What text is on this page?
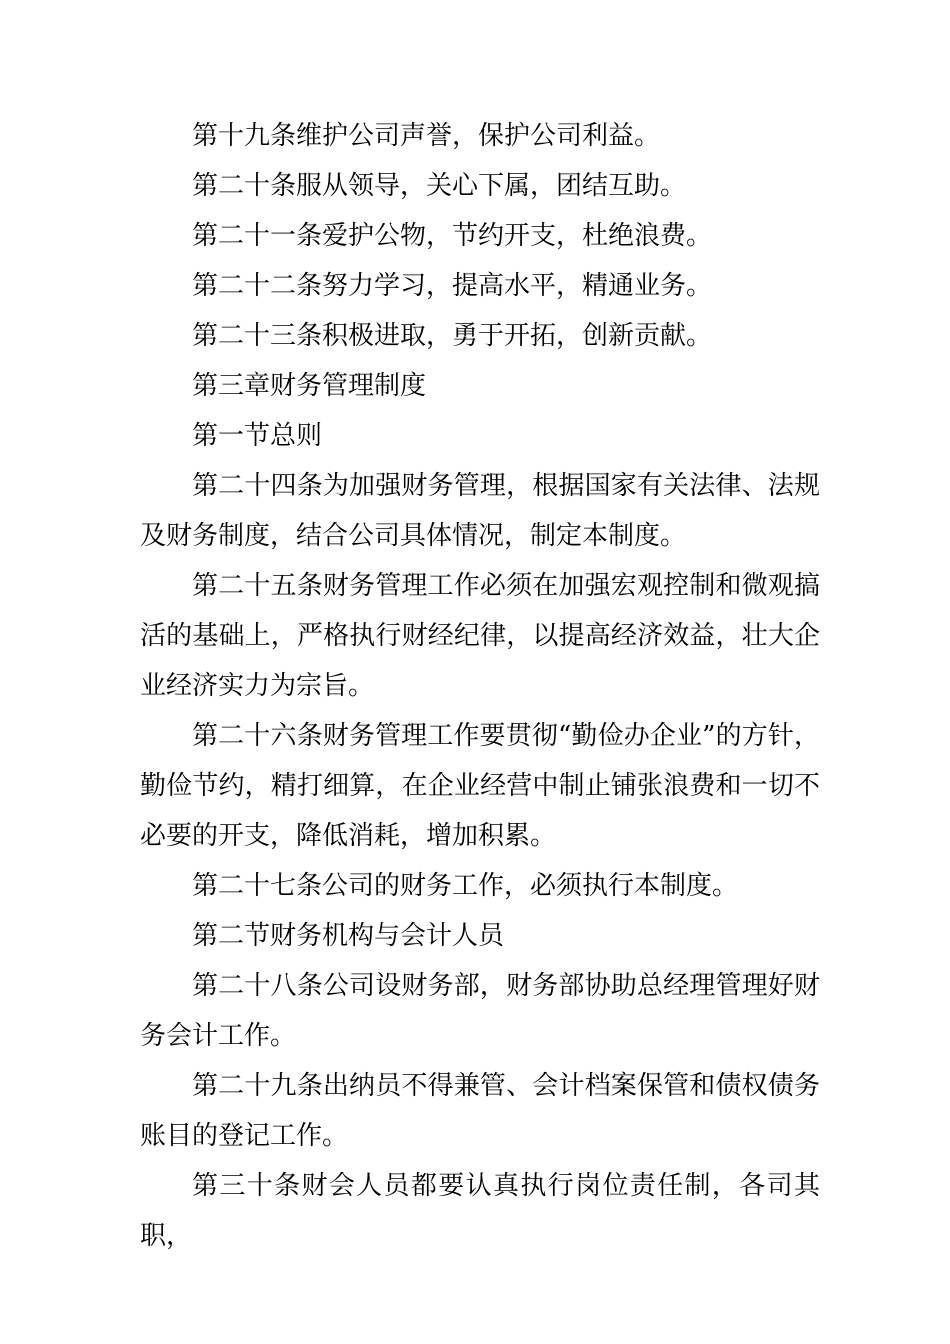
第十九条维护公司声誉，保护公司利益。

第二十条服从领导，关心下属，团结互助。

第二十一条爱护公物，节约开支，杜绝浪费。

第二十二条努力学习，提高水平，精通业务。

第二十三条积极进取，勇于开拓，创新贡献。

第三章财务管理制度

第一节总则

第二十四条为加强财务管理，根据国家有关法律、法规及财务制度，结合公司具体情况，制定本制度。

第二十五条财务管理工作必须在加强宏观控制和微观搞活的基础上，严格执行财经纪律，以提高经济效益，壮大企业经济实力为宗旨。

第二十六条财务管理工作要贯彻“勤俭办企业”的方针，勤俭节约，精打细算，在企业经营中制止铺张浪费和一切不必要的开支，降低消耗，增加积累。

第二十七条公司的财务工作，必须执行本制度。

第二节财务机构与会计人员

第二十八条公司设财务部，财务部协助总经理管理好财务会计工作。

第二十九条出纳员不得兼管、会计档案保管和债权债务账目的登记工作。

第三十条财会人员都要认真执行岗位责任制，各司其职，
